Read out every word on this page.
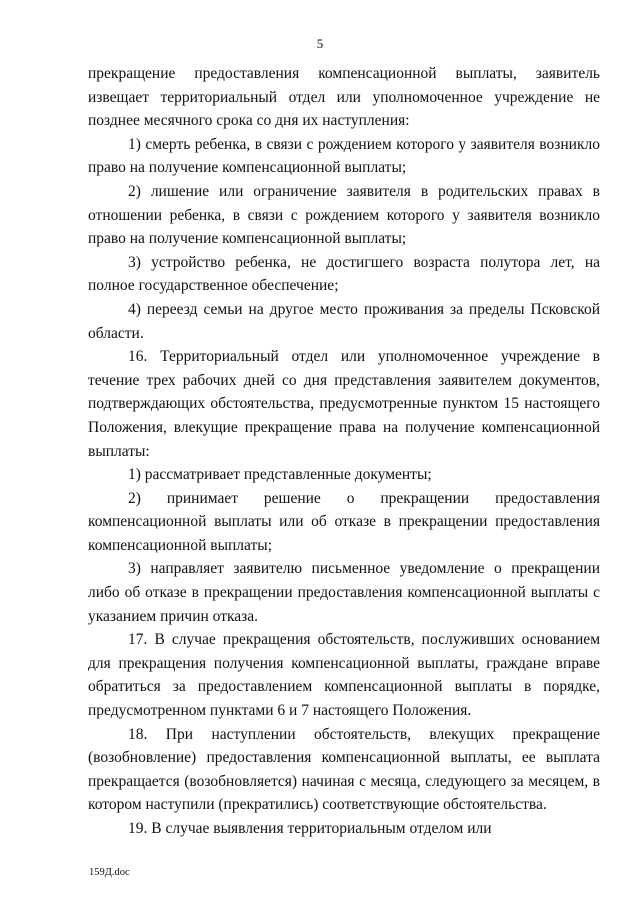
5

прекращение предоставления компенсационной выплаты, заявитель извещает территориальный отдел или уполномоченное учреждение не позднее месячного срока со дня их наступления:

1) смерть ребенка, в связи с рождением которого у заявителя возникло право на получение компенсационной выплаты;

2) лишение или ограничение заявителя в родительских правах в отношении ребенка, в связи с рождением которого у заявителя возникло право на получение компенсационной выплаты;

3) устройство ребенка, не достигшего возраста полутора лет, на полное государственное обеспечение;

4) переезд семьи на другое место проживания за пределы Псковской области.

16. Территориальный отдел или уполномоченное учреждение в течение трех рабочих дней со дня представления заявителем документов, подтверждающих обстоятельства, предусмотренные пунктом 15 настоящего Положения, влекущие прекращение права на получение компенсационной выплаты:

1) рассматривает представленные документы;

2) принимает решение о прекращении предоставления компенсационной выплаты или об отказе в прекращении предоставления компенсационной выплаты;

3) направляет заявителю письменное уведомление о прекращении либо об отказе в прекращении предоставления компенсационной выплаты с указанием причин отказа.

17. В случае прекращения обстоятельств, послуживших основанием для прекращения получения компенсационной выплаты, граждане вправе обратиться за предоставлением компенсационной выплаты в порядке, предусмотренном пунктами 6 и 7 настоящего Положения.

18. При наступлении обстоятельств, влекущих прекращение (возобновление) предоставления компенсационной выплаты, ее выплата прекращается (возобновляется) начиная с месяца, следующего за месяцем, в котором наступили (прекратились) соответствующие обстоятельства.

19. В случае выявления территориальным отделом или

159Д.doc
